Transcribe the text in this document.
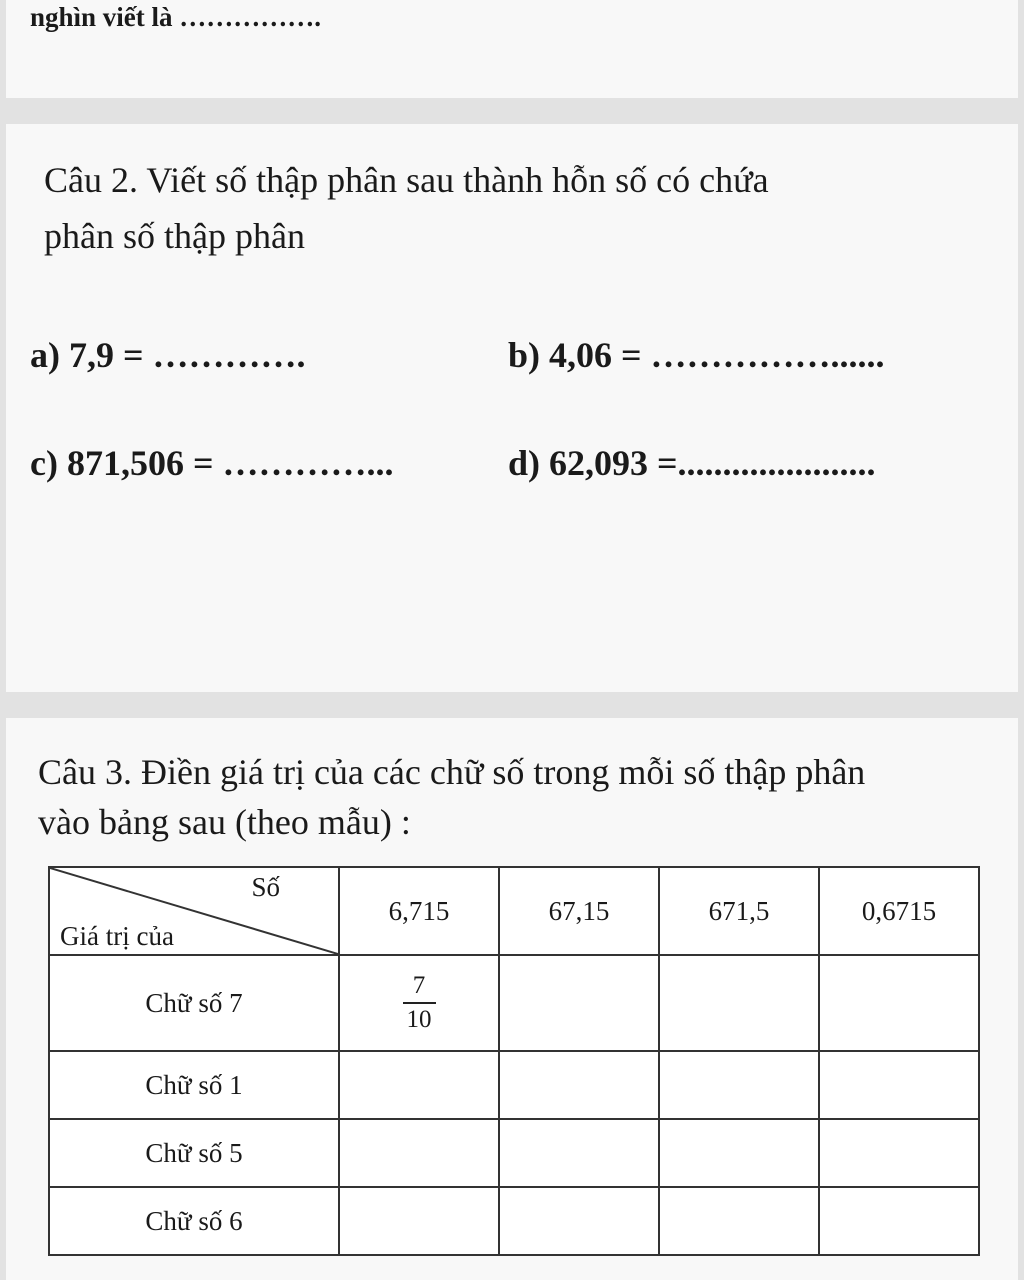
nghìn viết là …………….
Câu 2. Viết số thập phân sau thành hỗn số có chứa
phân số thập phân
a) 7,9 = ………….	b) 4,06 = ……………......
c) 871,506 = …………...	d) 62,093 =......................
Câu 3. Điền giá trị của các chữ số trong mỗi số thập phân
vào bảng sau (theo mẫu) :
Số
Giá trị của	6,715	67,15	671,5	0,6715
Chữ số 7	$\frac{7}{10}$

Chữ số 1				
Chữ số 5				
Chữ số 6				
